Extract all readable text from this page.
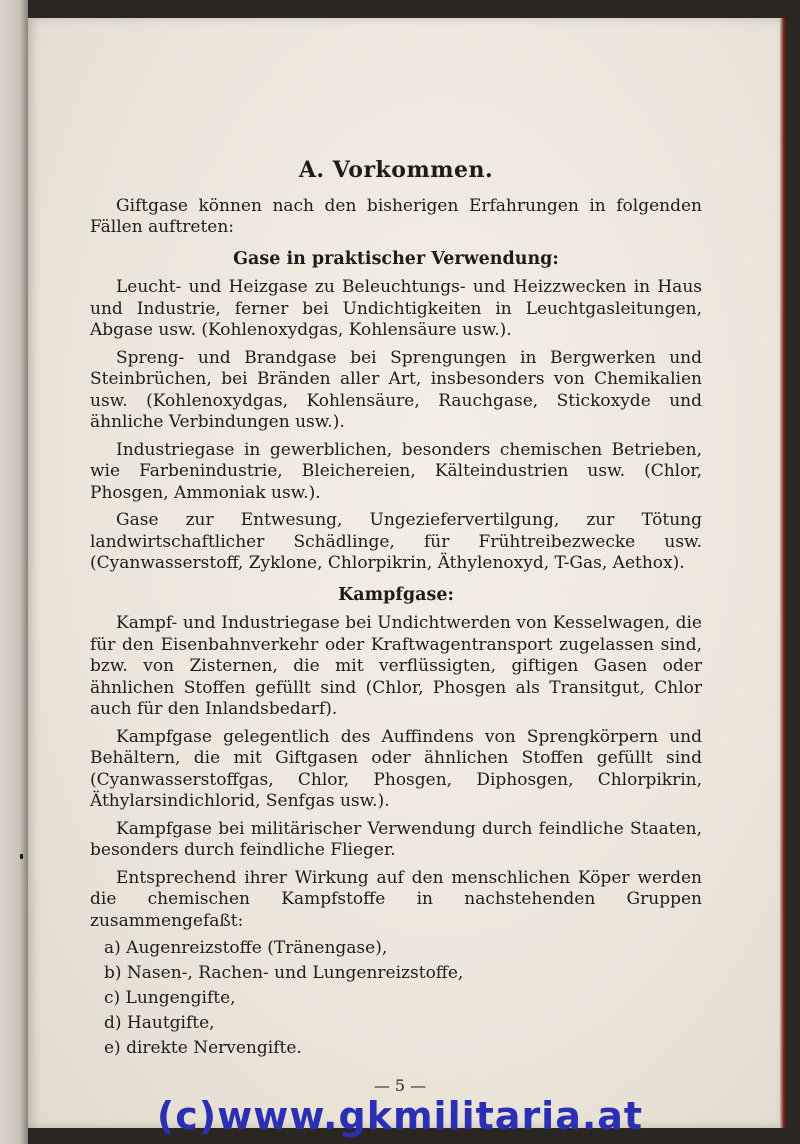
A. Vorkommen.
Giftgase können nach den bisherigen Erfahrungen in folgenden Fällen auftreten:
Gase in praktischer Verwendung:
Leucht- und Heizgase zu Beleuchtungs- und Heizzwecken in Haus und Industrie, ferner bei Undichtigkeiten in Leuchtgasleitungen, Abgase usw. (Kohlenoxydgas, Kohlensäure usw.).
Spreng- und Brandgase bei Sprengungen in Bergwerken und Steinbrüchen, bei Bränden aller Art, insbesonders von Chemikalien usw. (Kohlenoxydgas, Kohlensäure, Rauchgase, Stickoxyde und ähnliche Verbindungen usw.).
Industriegase in gewerblichen, besonders chemischen Betrieben, wie Farbenindustrie, Bleichereien, Kälteindustrien usw. (Chlor, Phosgen, Ammoniak usw.).
Gase zur Entwesung, Ungeziefervertilgung, zur Tötung landwirtschaftlicher Schädlinge, für Frühtreibezwecke usw. (Cyanwasserstoff, Zyklone, Chlorpikrin, Äthylenoxyd, T-Gas, Aethox).
Kampfgase:
Kampf- und Industriegase bei Undichtwerden von Kesselwagen, die für den Eisenbahnverkehr oder Kraftwagentransport zugelassen sind, bzw. von Zisternen, die mit verflüssigten, giftigen Gasen oder ähnlichen Stoffen gefüllt sind (Chlor, Phosgen als Transitgut, Chlor auch für den Inlandsbedarf).
Kampfgase gelegentlich des Auffindens von Sprengkörpern und Behältern, die mit Giftgasen oder ähnlichen Stoffen gefüllt sind (Cyanwasserstoffgas, Chlor, Phosgen, Diphosgen, Chlorpikrin, Äthylarsindichlorid, Senfgas usw.).
Kampfgase bei militärischer Verwendung durch feindliche Staaten, besonders durch feindliche Flieger.
Entsprechend ihrer Wirkung auf den menschlichen Köper werden die chemischen Kampfstoffe in nachstehenden Gruppen zusammengefaßt:
a) Augenreizstoffe (Tränengase),
b) Nasen-, Rachen- und Lungenreizstoffe,
c) Lungengifte,
d) Hautgifte,
e) direkte Nervengifte.
— 5 —
(c)www.gkmilitaria.at
